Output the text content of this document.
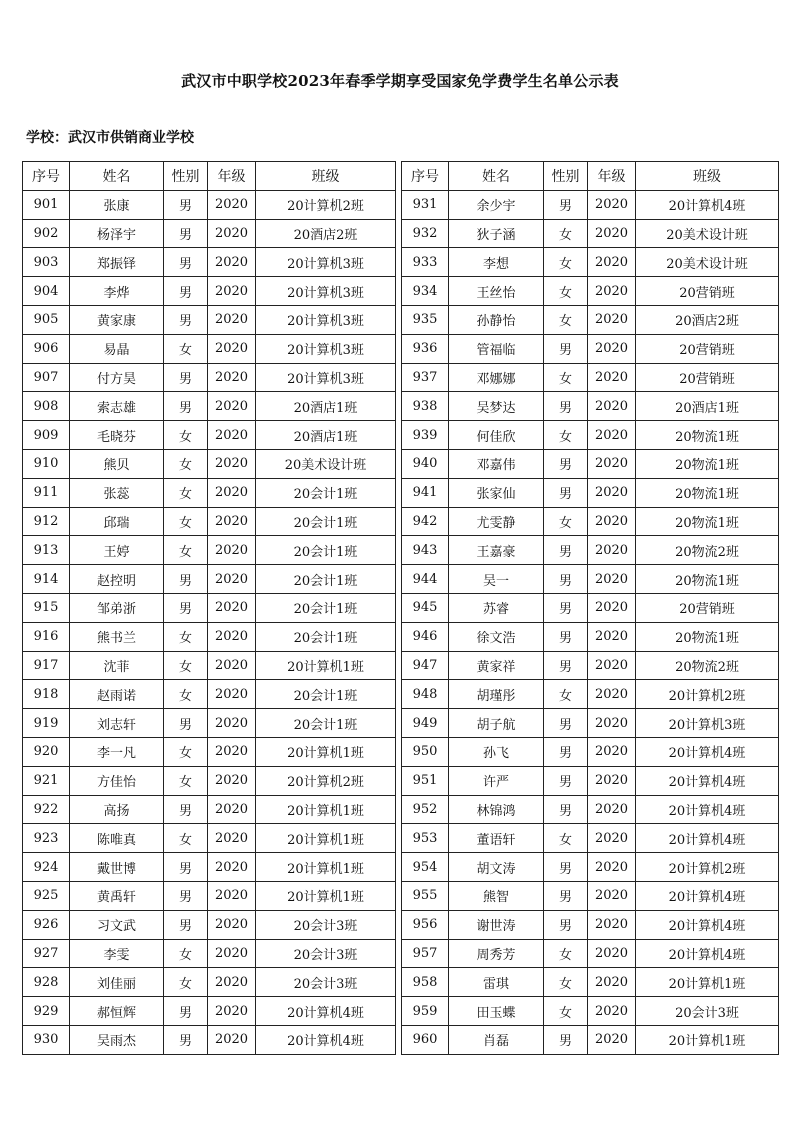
武汉市中职学校2023年春季学期享受国家免学费学生名单公示表
学校：武汉市供销商业学校
序号	姓名	性别	年级	班级
901	张康	男	2020	20计算机2班
902	杨泽宇	男	2020	20酒店2班
903	郑振铎	男	2020	20计算机3班
904	李烨	男	2020	20计算机3班
905	黄家康	男	2020	20计算机3班
906	易晶	女	2020	20计算机3班
907	付方昊	男	2020	20计算机3班
908	索志雄	男	2020	20酒店1班
909	毛晓芬	女	2020	20酒店1班
910	熊贝	女	2020	20美术设计班
911	张蕊	女	2020	20会计1班
912	邱瑞	女	2020	20会计1班
913	王婷	女	2020	20会计1班
914	赵控明	男	2020	20会计1班
915	邹弟浙	男	2020	20会计1班
916	熊书兰	女	2020	20会计1班
917	沈菲	女	2020	20计算机1班
918	赵雨诺	女	2020	20会计1班
919	刘志轩	男	2020	20会计1班
920	李一凡	女	2020	20计算机1班
921	方佳怡	女	2020	20计算机2班
922	高扬	男	2020	20计算机1班
923	陈唯真	女	2020	20计算机1班
924	戴世博	男	2020	20计算机1班
925	黄禹轩	男	2020	20计算机1班
926	习文武	男	2020	20会计3班
927	李雯	女	2020	20会计3班
928	刘佳丽	女	2020	20会计3班
929	郝恒辉	男	2020	20计算机4班
930	吴雨杰	男	2020	20计算机4班
序号	姓名	性别	年级	班级
931	余少宇	男	2020	20计算机4班
932	狄子涵	女	2020	20美术设计班
933	李想	女	2020	20美术设计班
934	王丝怡	女	2020	20营销班
935	孙静怡	女	2020	20酒店2班
936	管福临	男	2020	20营销班
937	邓娜娜	女	2020	20营销班
938	吴梦达	男	2020	20酒店1班
939	何佳欣	女	2020	20物流1班
940	邓嘉伟	男	2020	20物流1班
941	张家仙	男	2020	20物流1班
942	尤雯静	女	2020	20物流1班
943	王嘉豪	男	2020	20物流2班
944	吴一	男	2020	20物流1班
945	苏睿	男	2020	20营销班
946	徐文浩	男	2020	20物流1班
947	黄家祥	男	2020	20物流2班
948	胡瑾彤	女	2020	20计算机2班
949	胡子航	男	2020	20计算机3班
950	孙飞	男	2020	20计算机4班
951	许严	男	2020	20计算机4班
952	林锦鸿	男	2020	20计算机4班
953	董语轩	女	2020	20计算机4班
954	胡文涛	男	2020	20计算机2班
955	熊智	男	2020	20计算机4班
956	谢世涛	男	2020	20计算机4班
957	周秀芳	女	2020	20计算机4班
958	雷琪	女	2020	20计算机1班
959	田玉蝶	女	2020	20会计3班
960	肖磊	男	2020	20计算机1班
